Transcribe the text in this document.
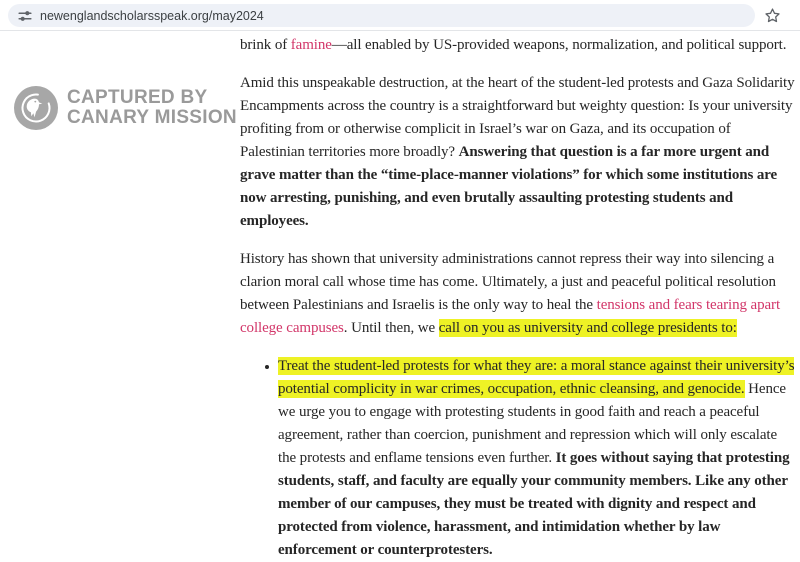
newenglandscholarsspeak.org/may2024
CAPTURED BY
CANARY MISSION

brink of famine—all enabled by US-provided weapons, normalization, and political support.

Amid this unspeakable destruction, at the heart of the student-led protests and Gaza Solidarity Encampments across the country is a straightforward but weighty question: Is your university profiting from or otherwise complicit in Israel’s war on Gaza, and its occupation of Palestinian territories more broadly? Answering that question is a far more urgent and grave matter than the “time-place-manner violations” for which some institutions are now arresting, punishing, and even brutally assaulting protesting students and employees.

History has shown that university administrations cannot repress their way into silencing a clarion moral call whose time has come. Ultimately, a just and peaceful political resolution between Palestinians and Israelis is the only way to heal the tensions and fears tearing apart college campuses. Until then, we call on you as university and college presidents to:

Treat the student-led protests for what they are: a moral stance against their university’s potential complicity in war crimes, occupation, ethnic cleansing, and genocide. Hence we urge you to engage with protesting students in good faith and reach a peaceful agreement, rather than coercion, punishment and repression which will only escalate the protests and enflame tensions even further. It goes without saying that protesting students, staff, and faculty are equally your community members. Like any other member of our campuses, they must be treated with dignity and respect and protected from violence, harassment, and intimidation whether by law enforcement or counterprotesters.
